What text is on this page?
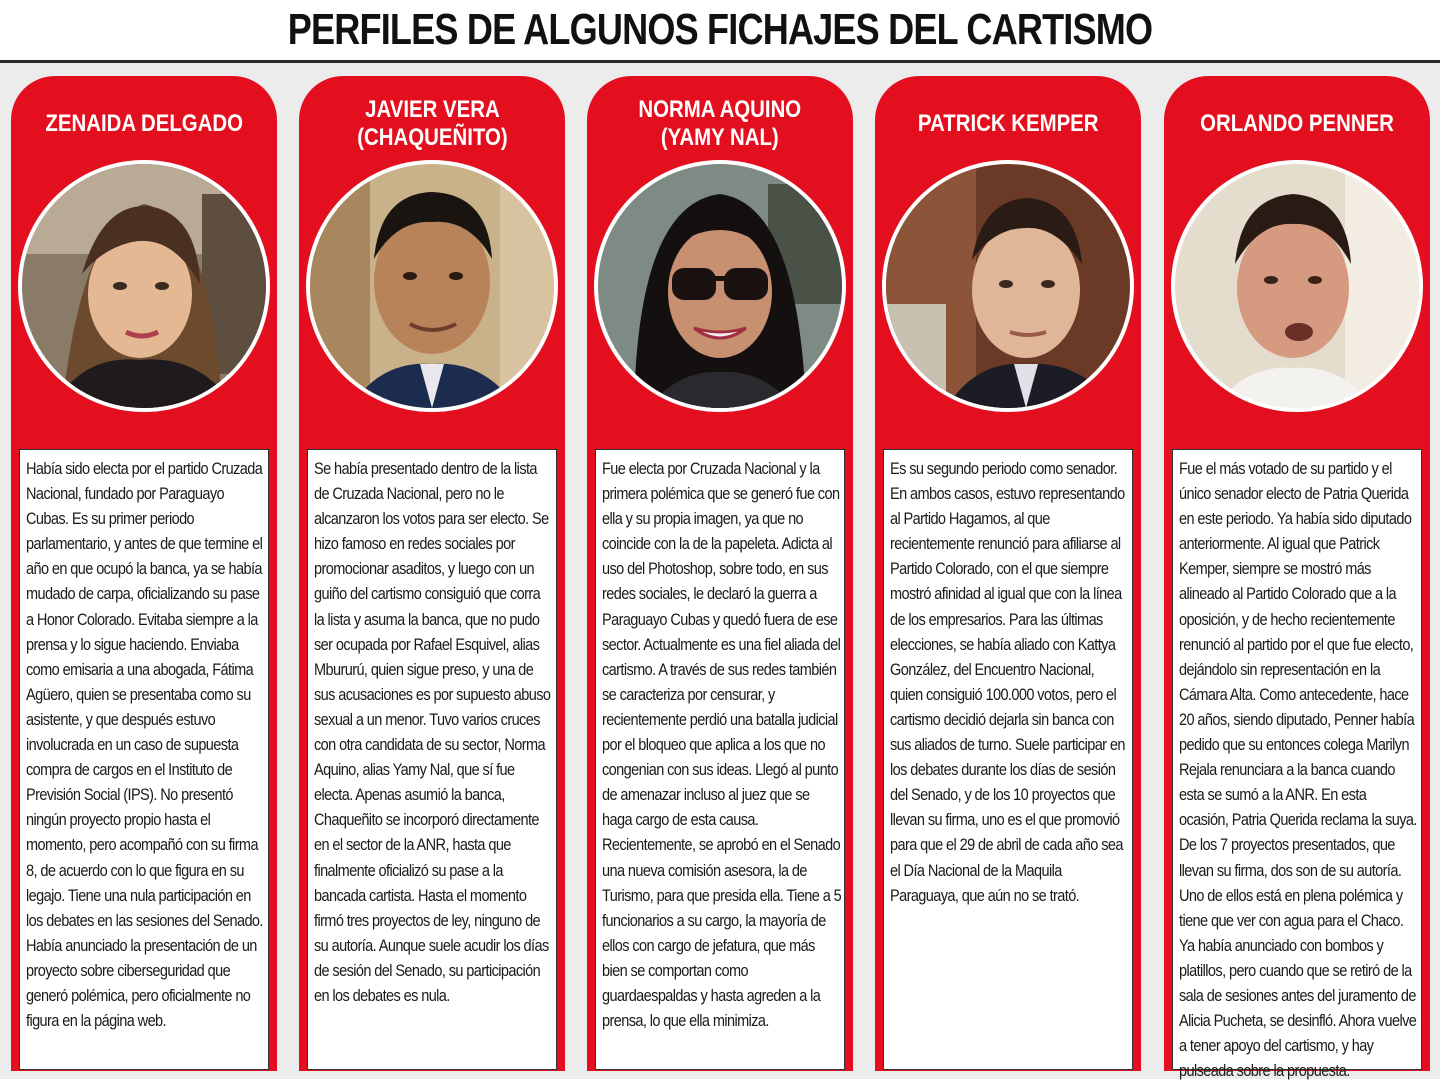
PERFILES DE ALGUNOS FICHAJES DEL CARTISMO
ZENAIDA DELGADO

Había sido electa por el partido Cruzada Nacional, fundado por Paraguayo Cubas. Es su primer periodo parlamentario, y antes de que termine el año en que ocupó la banca, ya se había mudado de carpa, oficializando su pase a Honor Colorado. Evitaba siempre a la prensa y lo sigue haciendo. Enviaba como emisaria a una abogada, Fátima Agüero, quien se presentaba como su asistente, y que después estuvo involucrada en un caso de supuesta compra de cargos en el Instituto de Previsión Social (IPS). No presentó ningún proyecto propio hasta el momento, pero acompañó con su firma 8, de acuerdo con lo que figura en su legajo. Tiene una nula participación en los debates en las sesiones del Senado. Había anunciado la presentación de un proyecto sobre ciberseguridad que generó polémica, pero oficialmente no figura en la página web.

JAVIER VERA
(CHAQUEÑITO)

Se había presentado dentro de la lista de Cruzada Nacional, pero no le alcanzaron los votos para ser electo. Se hizo famoso en redes sociales por promocionar asaditos, y luego con un guiño del cartismo consiguió que corra la lista y asuma la banca, que no pudo ser ocupada por Rafael Esquivel, alias Mbururú, quien sigue preso, y una de sus acusaciones es por supuesto abuso sexual a un menor. Tuvo varios cruces con otra candidata de su sector, Norma Aquino, alias Yamy Nal, que sí fue electa. Apenas asumió la banca, Chaqueñito se incorporó directamente en el sector de la ANR, hasta que finalmente oficializó su pase a la bancada cartista. Hasta el momento firmó tres proyectos de ley, ninguno de su autoría. Aunque suele acudir los días de sesión del Senado, su participación en los debates es nula.

NORMA AQUINO
(YAMY NAL)

Fue electa por Cruzada Nacional y la primera polémica que se generó fue con ella y su propia imagen, ya que no coincide con la de la papeleta. Adicta al uso del Photoshop, sobre todo, en sus redes sociales, le declaró la guerra a Paraguayo Cubas y quedó fuera de ese sector. Actualmente es una fiel aliada del cartismo. A través de sus redes también se caracteriza por censurar, y recientemente perdió una batalla judicial por el bloqueo que aplica a los que no congenian con sus ideas. Llegó al punto de amenazar incluso al juez que se haga cargo de esta causa. Recientemente, se aprobó en el Senado una nueva comisión asesora, la de Turismo, para que presida ella. Tiene a 5 funcionarios a su cargo, la mayoría de ellos con cargo de jefatura, que más bien se comportan como guardaespaldas y hasta agreden a la prensa, lo que ella minimiza.

PATRICK KEMPER

Es su segundo periodo como senador. En ambos casos, estuvo representando al Partido Hagamos, al que recientemente renunció para afiliarse al Partido Colorado, con el que siempre mostró afinidad al igual que con la línea de los empresarios. Para las últimas elecciones, se había aliado con Kattya González, del Encuentro Nacional, quien consiguió 100.000 votos, pero el cartismo decidió dejarla sin banca con sus aliados de turno. Suele participar en los debates durante los días de sesión del Senado, y de los 10 proyectos que llevan su firma, uno es el que promovió para que el 29 de abril de cada año sea el Día Nacional de la Maquila Paraguaya, que aún no se trató.

ORLANDO PENNER

Fue el más votado de su partido y el único senador electo de Patria Querida en este periodo. Ya había sido diputado anteriormente. Al igual que Patrick Kemper, siempre se mostró más alineado al Partido Colorado que a la oposición, y de hecho recientemente renunció al partido por el que fue electo, dejándolo sin representación en la Cámara Alta. Como antecedente, hace 20 años, siendo diputado, Penner había pedido que su entonces colega Marilyn Rejala renunciara a la banca cuando esta se sumó a la ANR. En esta ocasión, Patria Querida reclama la suya. De los 7 proyectos presentados, que llevan su firma, dos son de su autoría. Uno de ellos está en plena polémica y tiene que ver con agua para el Chaco. Ya había anunciado con bombos y platillos, pero cuando que se retiró de la sala de sesiones antes del juramento de Alicia Pucheta, se desinfló. Ahora vuelve a tener apoyo del cartismo, y hay pulseada sobre la propuesta.
